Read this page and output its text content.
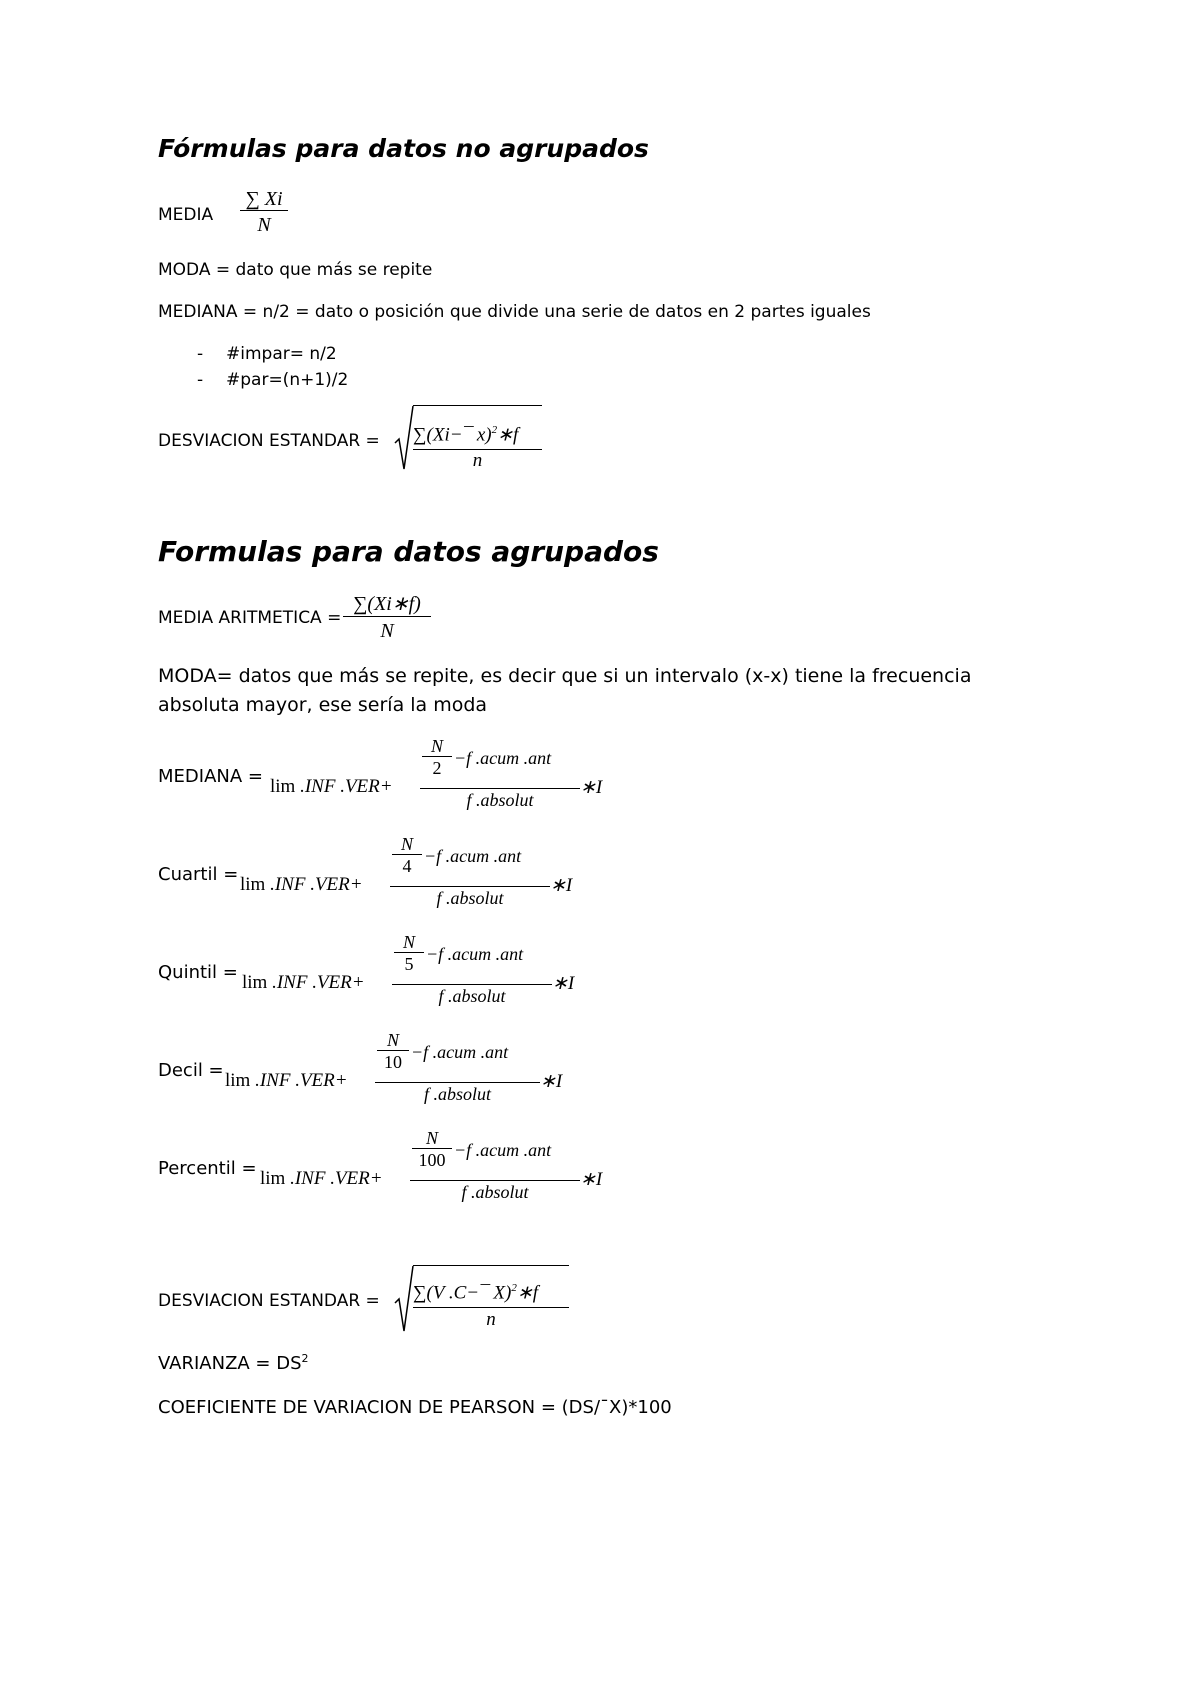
Fórmulas para datos no agrupados
MEDIA
∑ Xi
N
MODA = dato que más se repite
MEDIANA = n/2 = dato o posición que divide una serie de datos en 2 partes iguales
- #impar= n/2
- #par=(n+1)/2
DESVIACION ESTANDAR = ∑(Xi−¯ x)$^2$∗f
n
Formulas para datos agrupados
MEDIA ARITMETICA =
∑(Xi∗f)
N
MODA= datos que más se repite, es decir que si un intervalo (x-x) tiene la frecuencia
absoluta mayor, ese sería la moda
MEDIANA = lim .INF .VER+
N
2 −f .acum .ant
f .absolut
∗I
Cuartil = lim .INF .VER+
N
4 −f .acum .ant
f .absolut
∗I
Quintil = lim .INF .VER+
N
5 −f .acum .ant
f .absolut
∗I
Decil = lim .INF .VER+
N
10 −f .acum .ant
f .absolut
∗I
Percentil = lim .INF .VER+
N
100 −f .acum .ant
f .absolut
∗I
DESVIACION ESTANDAR = ∑(V .C−¯ X)$^2$∗f
n
VARIANZA = $DS^2$
COEFICIENTE DE VARIACION DE PEARSON = (DS/¯X)*100
